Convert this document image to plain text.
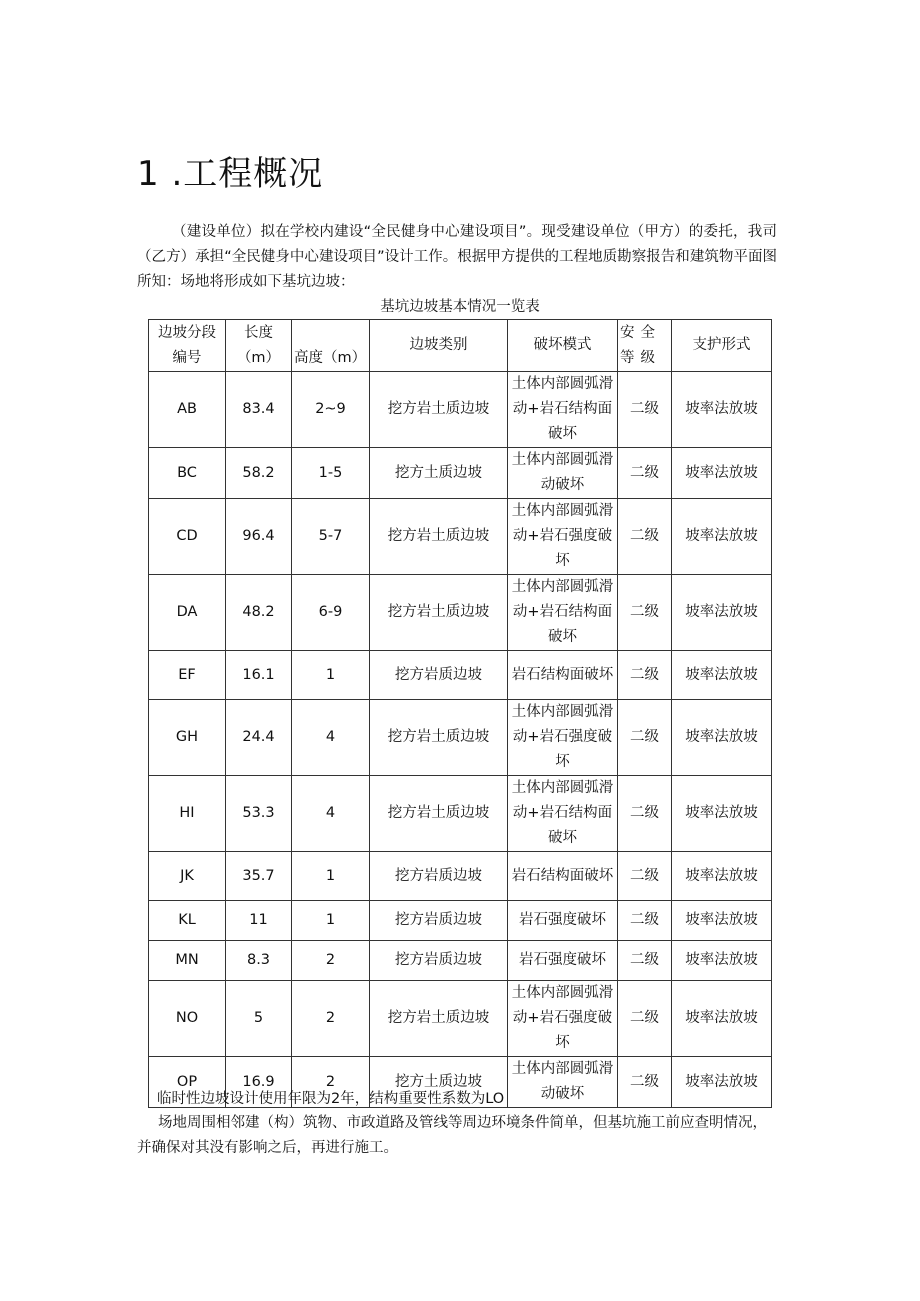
1 .工程概况

（建设单位）拟在学校内建设“全民健身中心建设项目”。现受建设单位（甲方）的委托，我司（乙方）承担“全民健身中心建设项目”设计工作。根据甲方提供的工程地质勘察报告和建筑物平面图所知：场地将形成如下基坑边坡：

基坑边坡基本情况一览表

边坡分段编号	长度（m）	高度（m）	边坡类别	破坏模式	安全等级	支护形式
AB	83.4	2~9	挖方岩土质边坡	土体内部圆弧滑动+岩石结构面破坏	二级	坡率法放坡
BC	58.2	1-5	挖方土质边坡	土体内部圆弧滑动破坏	二级	坡率法放坡
CD	96.4	5-7	挖方岩土质边坡	土体内部圆弧滑动+岩石强度破坏	二级	坡率法放坡
DA	48.2	6-9	挖方岩土质边坡	土体内部圆弧滑动+岩石结构面破坏	二级	坡率法放坡
EF	16.1	1	挖方岩质边坡	岩石结构面破坏	二级	坡率法放坡
GH	24.4	4	挖方岩土质边坡	土体内部圆弧滑动+岩石强度破坏	二级	坡率法放坡
HI	53.3	4	挖方岩土质边坡	土体内部圆弧滑动+岩石结构面破坏	二级	坡率法放坡
JK	35.7	1	挖方岩质边坡	岩石结构面破坏	二级	坡率法放坡
KL	11	1	挖方岩质边坡	岩石强度破坏	二级	坡率法放坡
MN	8.3	2	挖方岩质边坡	岩石强度破坏	二级	坡率法放坡
NO	5	2	挖方岩土质边坡	土体内部圆弧滑动+岩石强度破坏	二级	坡率法放坡
OP	16.9	2	挖方土质边坡	土体内部圆弧滑动破坏	二级	坡率法放坡

临时性边坡设计使用年限为2年，结构重要性系数为LO

场地周围相邻建（构）筑物、市政道路及管线等周边环境条件简单，但基坑施工前应查明情况，并确保对其没有影响之后，再进行施工。
